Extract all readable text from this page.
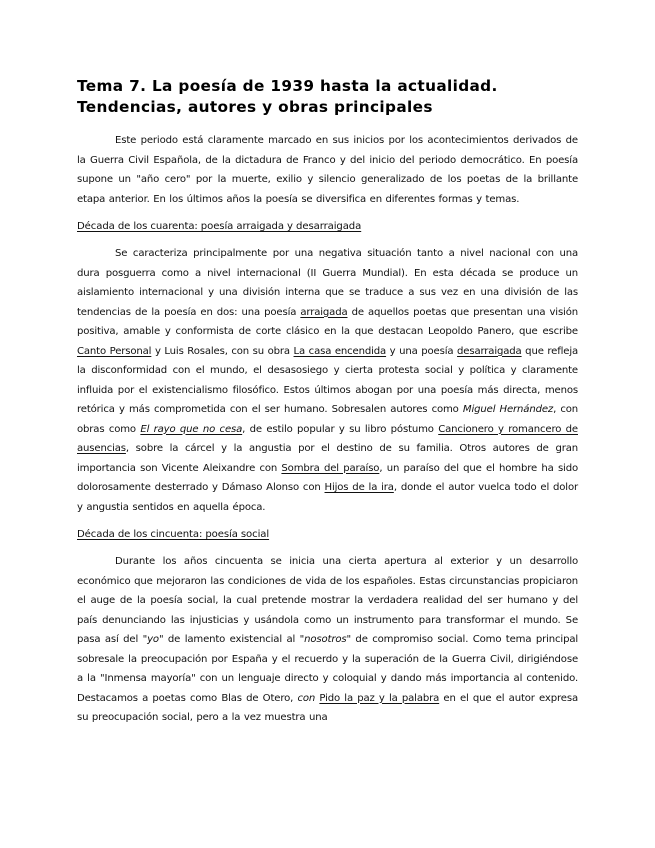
Tema 7. La poesía de 1939 hasta la actualidad. Tendencias, autores y obras principales

Este periodo está claramente marcado en sus inicios por los acontecimientos derivados de la Guerra Civil Española, de la dictadura de Franco y del inicio del periodo democrático. En poesía supone un "año cero" por la muerte, exilio y silencio generalizado de los poetas de la brillante etapa anterior. En los últimos años la poesía se diversifica en diferentes formas y temas.

Década de los cuarenta: poesía arraigada y desarraigada

Se caracteriza principalmente por una negativa situación tanto a nivel nacional con una dura posguerra como a nivel internacional (II Guerra Mundial). En esta década se produce un aislamiento internacional y una división interna que se traduce a sus vez en una división de las tendencias de la poesía en dos: una poesía arraigada de aquellos poetas que presentan una visión positiva, amable y conformista de corte clásico en la que destacan Leopoldo Panero, que escribe Canto Personal y Luis Rosales, con su obra La casa encendida y una poesía desarraigada que refleja la disconformidad con el mundo, el desasosiego y cierta protesta social y política y claramente influida por el existencialismo filosófico. Estos últimos abogan por una poesía más directa, menos retórica y más comprometida con el ser humano. Sobresalen autores como Miguel Hernández, con obras como El rayo que no cesa, de estilo popular y su libro póstumo Cancionero y romancero de ausencias, sobre la cárcel y la angustia por el destino de su familia. Otros autores de gran importancia son Vicente Aleixandre con Sombra del paraíso, un paraíso del que el hombre ha sido dolorosamente desterrado y Dámaso Alonso con Hijos de la ira, donde el autor vuelca todo el dolor y angustia sentidos en aquella época.

Década de los cincuenta: poesía social

Durante los años cincuenta se inicia una cierta apertura al exterior y un desarrollo económico que mejoraron las condiciones de vida de los españoles. Estas circunstancias propiciaron el auge de la poesía social, la cual pretende mostrar la verdadera realidad del ser humano y del país denunciando las injusticias y usándola como un instrumento para transformar el mundo. Se pasa así del "yo" de lamento existencial al "nosotros" de compromiso social. Como tema principal sobresale la preocupación por España y el recuerdo y la superación de la Guerra Civil, dirigiéndose a la "Inmensa mayoría" con un lenguaje directo y coloquial y dando más importancia al contenido. Destacamos a poetas como Blas de Otero, con Pido la paz y la palabra en el que el autor expresa su preocupación social, pero a la vez muestra una
